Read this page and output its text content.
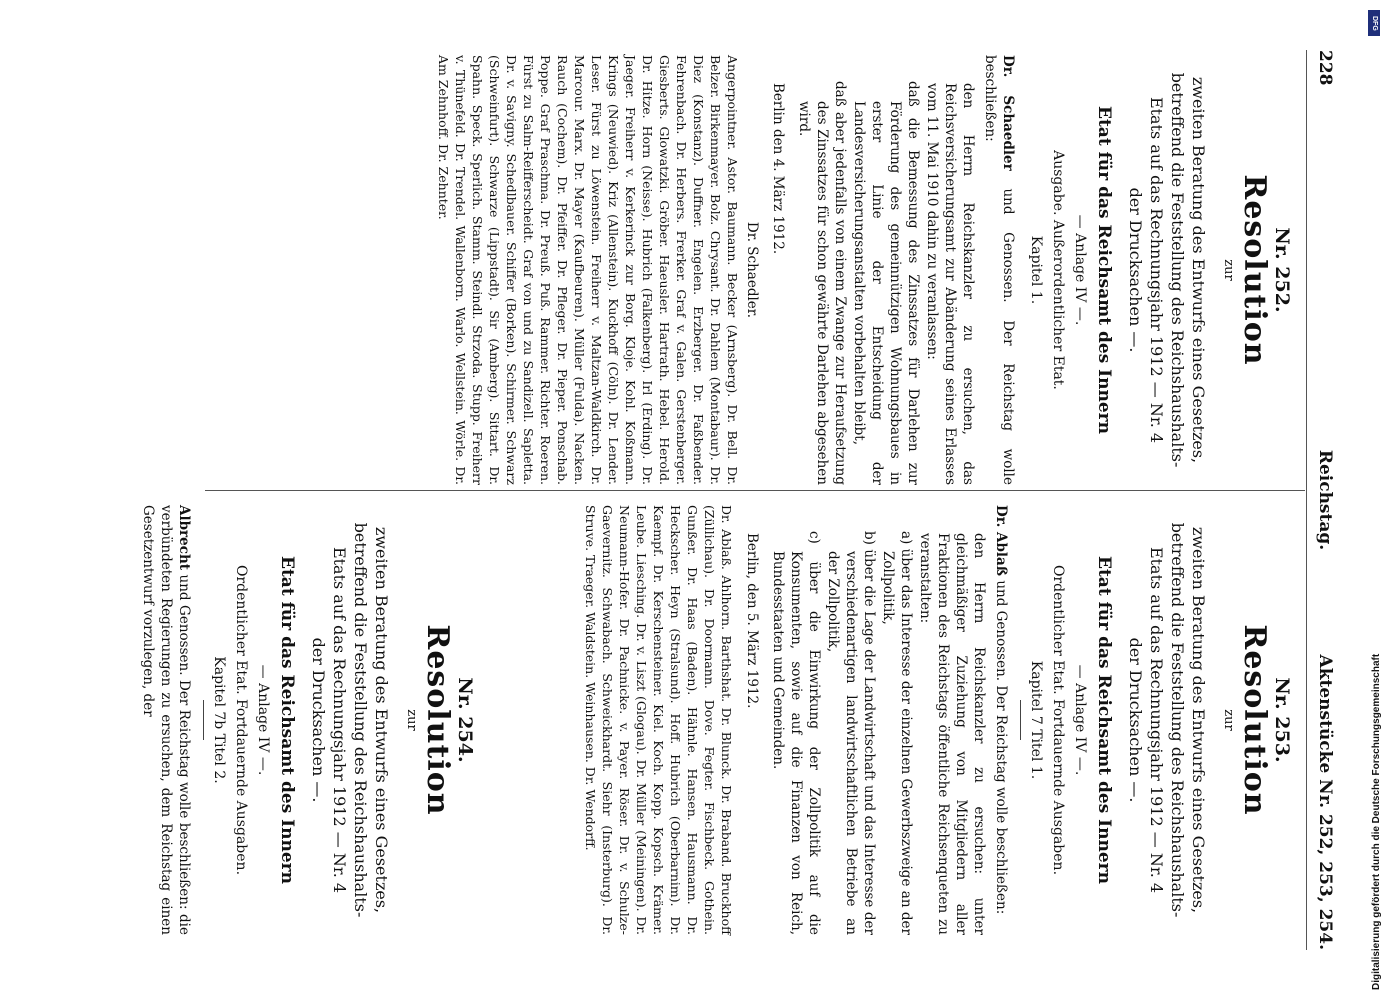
228
Reichstag.
Aktenstücke Nr. 252, 253, 254.
Nr. 252.
Resolution
zur
zweiten Beratung des Entwurfs eines Gesetzes,
betreffend die Feststellung des Reichshaushalts-
Etats auf das Rechnungsjahr 1912 — Nr. 4
der Drucksachen —.
Etat für das Reichsamt des Innern
— Anlage IV —.
Ausgabe. Außerordentlicher Etat.
Kapitel 1.
Dr. Schaedler und Genossen. Der Reichstag wolle beschließen:
den Herrn Reichskanzler zu ersuchen, das Reichsversicherungsamt zur Abänderung seines Erlasses vom 11. Mai 1910 dahin zu veranlassen:
daß die Bemessung des Zinssatzes für Darlehen zur Förderung des gemeinnützigen Wohnungsbaues in erster Linie der Entscheidung der Landesversicherungsanstalten vorbehalten bleibt,
daß aber jedenfalls von einem Zwange zur Heraufsetzung des Zinssatzes für schon gewährte Darlehen abgesehen wird.
Berlin den 4. März 1912.
Dr. Schaedler.
Angerpointner. Astor. Baumann. Becker (Arnsberg). Dr. Bell. Dr. Belzer. Birkenmayer. Bolz. Chrysant. Dr. Dahlem (Montabaur). Dr. Diez (Konstanz). Duffner. Engelen. Erzberger. Dr. Faßbender. Fehrenbach. Dr. Herbers. Frerker. Graf v. Galen. Gerstenberger. Giesberts. Glowatzki. Gröber. Haeusler. Hartrath. Hebel. Herold. Dr. Hitze. Horn (Neisse). Hubrich (Falkenberg). Irl (Erding). Dr. Jaeger. Freiherr v. Kerkerinck zur Borg. Kloje. Kohl. Koßmann. Krings (Neuwied). Kriz (Allenstein). Kuckhoff (Cöln). Dr. Lender. Leser. Fürst zu Löwenstein. Freiherr v. Maltzan-Waldkirch. Dr. Marcour. Marx. Dr. Mayer (Kaufbeuren). Müller (Fulda). Nacken. Rauch (Cochem). Dr. Pfeiffer. Dr. Pfleger. Dr. Pieper. Ponschab. Poppe. Graf Praschma. Dr. Preuß. Puß. Rammer. Richter. Roeren. Fürst zu Salm-Reifferscheidt. Graf von und zu Sandizell. Sapletta. Dr. v. Savigny. Schedlbauer. Schiffer (Borken). Schirmer. Schwarz (Schweinfurt). Schwarze (Lippstadt). Sir (Amberg). Sittart. Dr. Spahn. Speck. Sperlich. Stamm. Steindl. Strzoda. Stupp. Freiherr v. Thünefeld. Dr. Trendel. Wallenborn. Warlo. Wellstein. Wörle. Dr. Am Zehnhoff. Dr. Zehnter.
Nr. 253.
Resolution
zur
zweiten Beratung des Entwurfs eines Gesetzes,
betreffend die Feststellung des Reichshaushalts-
Etats auf das Rechnungsjahr 1912 — Nr. 4
der Drucksachen —.
Etat für das Reichsamt des Innern
— Anlage IV —.
Ordentlicher Etat. Fortdauernde Ausgaben.
Kapitel 7 Titel 1.
Dr. Ablaß und Genossen. Der Reichstag wolle beschließen:
den Herrn Reichskanzler zu ersuchen: unter gleichmäßiger Zuziehung von Mitgliedern aller Fraktionen des Reichstags öffentliche Reichsenqueten zu veranstalten:
a) über das Interesse der einzelnen Gewerbszweige an der Zollpolitik,
b) über die Lage der Landwirtschaft und das Interesse der verschiedenartigen landwirtschaftlichen Betriebe an der Zollpolitik,
c) über die Einwirkung der Zollpolitik auf die Konsumenten, sowie auf die Finanzen von Reich, Bundesstaaten und Gemeinden.
Berlin, den 5. März 1912.
Dr. Ablaß. Ahlhorn. Barthshat. Dr. Blunck. Dr. Braband. Bruckhoff (Züllichau). Dr. Doormann. Dove. Fegter. Fischbeck. Gothein. Gunßer. Dr. Haas (Baden). Hähnle. Hansen. Hausmann. Dr. Heckscher. Heyn (Stralsund). Hoff. Hubrich (Oberbarnim). Dr. Kaempf. Dr. Kerschensteiner. Kiel. Koch. Kopp. Kopsch. Krämer. Leube. Liesching. Dr. v. Liszt (Glogau). Dr. Müller (Meiningen). Dr. Neumann-Hofer. Dr. Pachnicke. v. Payer. Röser. Dr. v. Schulze-Gaevernitz. Schwabach. Schweickhardt. Siehr (Insterburg). Dr. Struve. Traeger. Waldstein. Weinhausen. Dr. Wendorff.
Nr. 254.
Resolution
zur
zweiten Beratung des Entwurfs eines Gesetzes,
betreffend die Feststellung des Reichshaushalts-
Etats auf das Rechnungsjahr 1912 — Nr. 4
der Drucksachen —.
Etat für das Reichsamt des Innern
— Anlage IV —.
Ordentlicher Etat. Fortdauernde Ausgaben.
Kapitel 7b Titel 2.
Albrecht und Genossen. Der Reichstag wolle beschließen: die verbündeten Regierungen zu ersuchen, dem Reichstag einen Gesetzentwurf vorzulegen, der
DFG
Digitalisierung gefördert durch die Deutsche Forschungsgemeinschaft
